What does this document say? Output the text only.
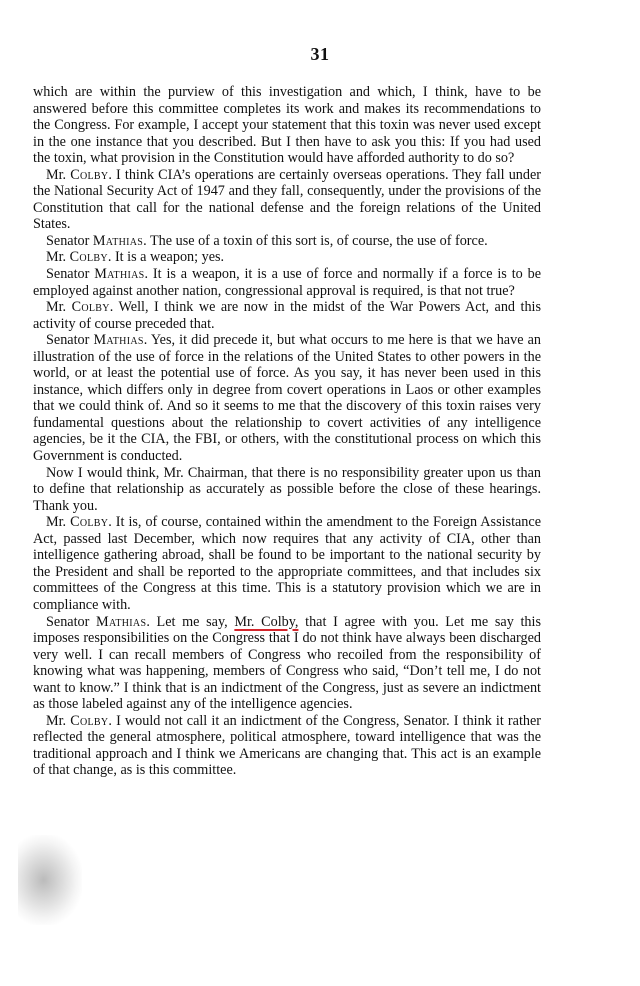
31

which are within the purview of this investigation and which, I think, have to be answered before this committee completes its work and makes its recommendations to the Congress. For example, I accept your statement that this toxin was never used except in the one instance that you described. But I then have to ask you this: If you had used the toxin, what provision in the Constitution would have afforded authority to do so?

Mr. Colby. I think CIA’s operations are certainly overseas operations. They fall under the National Security Act of 1947 and they fall, consequently, under the provisions of the Constitution that call for the national defense and the foreign relations of the United States.

Senator Mathias. The use of a toxin of this sort is, of course, the use of force.

Mr. Colby. It is a weapon; yes.

Senator Mathias. It is a weapon, it is a use of force and normally if a force is to be employed against another nation, congressional approval is required, is that not true?

Mr. Colby. Well, I think we are now in the midst of the War Powers Act, and this activity of course preceded that.

Senator Mathias. Yes, it did precede it, but what occurs to me here is that we have an illustration of the use of force in the relations of the United States to other powers in the world, or at least the potential use of force. As you say, it has never been used in this instance, which differs only in degree from covert operations in Laos or other examples that we could think of. And so it seems to me that the discovery of this toxin raises very fundamental questions about the relationship to covert activities of any intelligence agencies, be it the CIA, the FBI, or others, with the constitutional process on which this Government is conducted.

Now I would think, Mr. Chairman, that there is no responsibility greater upon us than to define that relationship as accurately as possible before the close of these hearings. Thank you.

Mr. Colby. It is, of course, contained within the amendment to the Foreign Assistance Act, passed last December, which now requires that any activity of CIA, other than intelligence gathering abroad, shall be found to be important to the national security by the President and shall be reported to the appropriate committees, and that includes six committees of the Congress at this time. This is a statutory provision which we are in compliance with.

Senator Mathias. Let me say, Mr. Colby, that I agree with you. Let me say this imposes responsibilities on the Congress that I do not think have always been discharged very well. I can recall members of Congress who recoiled from the responsibility of knowing what was happening, members of Congress who said, “Don’t tell me, I do not want to know.” I think that is an indictment of the Congress, just as severe an indictment as those labeled against any of the intelligence agencies.

Mr. Colby. I would not call it an indictment of the Congress, Senator. I think it rather reflected the general atmosphere, political atmosphere, toward intelligence that was the traditional approach and I think we Americans are changing that. This act is an example of that change, as is this committee.
